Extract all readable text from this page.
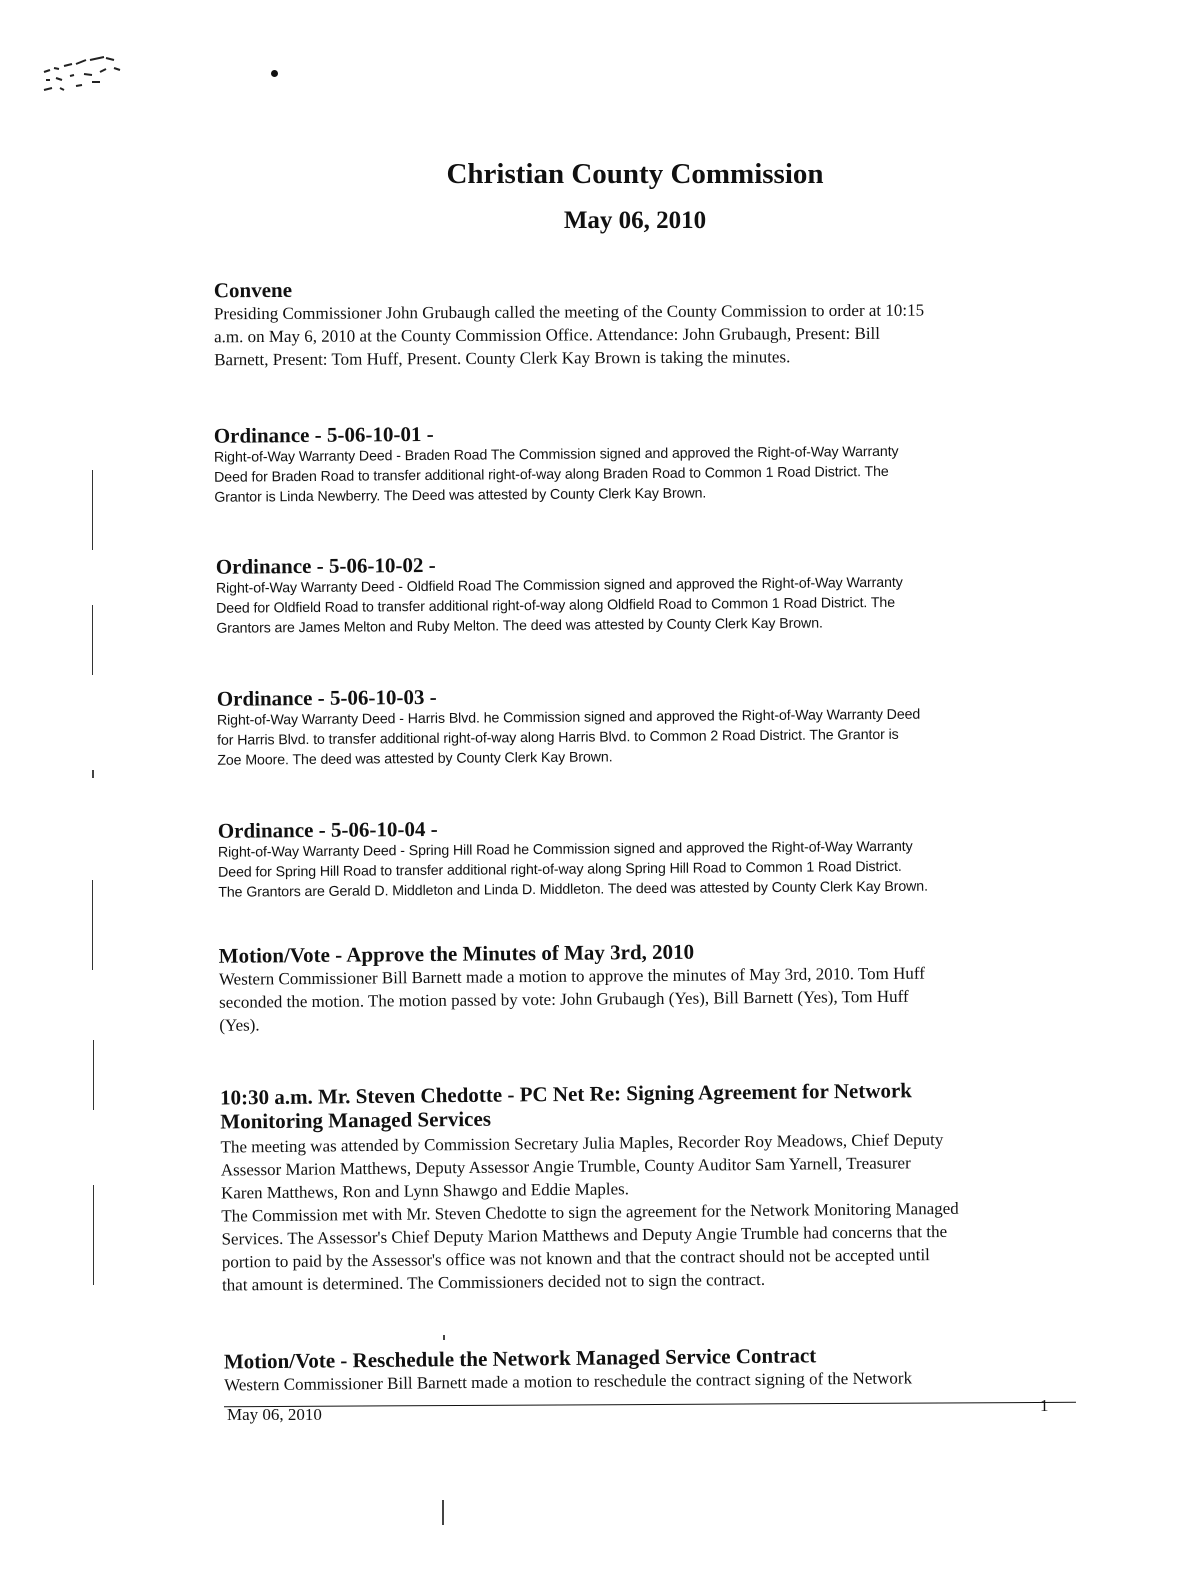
Christian County Commission
May 06, 2010

Convene

Presiding Commissioner John Grubaugh called the meeting of the County Commission to order at 10:15

a.m. on May 6, 2010 at the County Commission Office. Attendance: John Grubaugh, Present: Bill

Barnett, Present: Tom Huff, Present. County Clerk Kay Brown is taking the minutes.

Ordinance - 5-06-10-01 -

Right-of-Way Warranty Deed - Braden Road The Commission signed and approved the Right-of-Way Warranty

Deed for Braden Road to transfer additional right-of-way along Braden Road to Common 1 Road District. The

Grantor is Linda Newberry. The Deed was attested by County Clerk Kay Brown.

Ordinance - 5-06-10-02 -

Right-of-Way Warranty Deed - Oldfield Road The Commission signed and approved the Right-of-Way Warranty

Deed for Oldfield Road to transfer additional right-of-way along Oldfield Road to Common 1 Road District. The

Grantors are James Melton and Ruby Melton. The deed was attested by County Clerk Kay Brown.

Ordinance - 5-06-10-03 -

Right-of-Way Warranty Deed - Harris Blvd. he Commission signed and approved the Right-of-Way Warranty Deed

for Harris Blvd. to transfer additional right-of-way along Harris Blvd. to Common 2 Road District. The Grantor is

Zoe Moore. The deed was attested by County Clerk Kay Brown.

Ordinance - 5-06-10-04 -

Right-of-Way Warranty Deed - Spring Hill Road he Commission signed and approved the Right-of-Way Warranty

Deed for Spring Hill Road to transfer additional right-of-way along Spring Hill Road to Common 1 Road District.

The Grantors are Gerald D. Middleton and Linda D. Middleton. The deed was attested by County Clerk Kay Brown.

Motion/Vote - Approve the Minutes of May 3rd, 2010

Western Commissioner Bill Barnett made a motion to approve the minutes of May 3rd, 2010. Tom Huff

seconded the motion. The motion passed by vote: John Grubaugh (Yes), Bill Barnett (Yes), Tom Huff

(Yes).

10:30 a.m. Mr. Steven Chedotte - PC Net Re: Signing Agreement for Network

Monitoring Managed Services

The meeting was attended by Commission Secretary Julia Maples, Recorder Roy Meadows, Chief Deputy

Assessor Marion Matthews, Deputy Assessor Angie Trumble, County Auditor Sam Yarnell, Treasurer

Karen Matthews, Ron and Lynn Shawgo and Eddie Maples.

The Commission met with Mr. Steven Chedotte to sign the agreement for the Network Monitoring Managed

Services. The Assessor's Chief Deputy Marion Matthews and Deputy Angie Trumble had concerns that the

portion to paid by the Assessor's office was not known and that the contract should not be accepted until

that amount is determined. The Commissioners decided not to sign the contract.

Motion/Vote - Reschedule the Network Managed Service Contract

Western Commissioner Bill Barnett made a motion to reschedule the contract signing of the Network

May 06, 2010	1
